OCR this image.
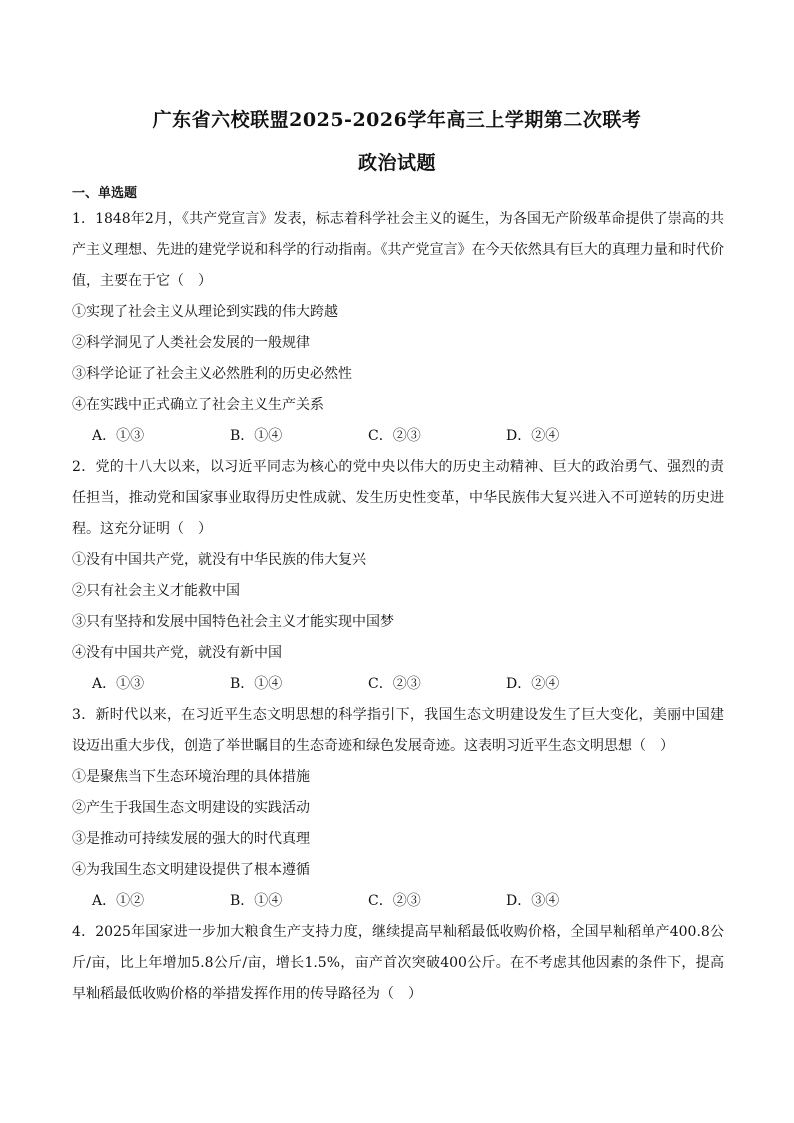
广东省六校联盟2025-2026学年高三上学期第二次联考
政治试题
一、单选题
1．1848年2月，《共产党宣言》发表，标志着科学社会主义的诞生，为各国无产阶级革命提供了崇高的共产主义理想、先进的建党学说和科学的行动指南。《共产党宣言》在今天依然具有巨大的真理力量和时代价值，主要在于它（　）
①实现了社会主义从理论到实践的伟大跨越
②科学洞见了人类社会发展的一般规律
③科学论证了社会主义必然胜利的历史必然性
④在实践中正式确立了社会主义生产关系
A．①③	B．①④	C．②③	D．②④
2．党的十八大以来，以习近平同志为核心的党中央以伟大的历史主动精神、巨大的政治勇气、强烈的责任担当，推动党和国家事业取得历史性成就、发生历史性变革，中华民族伟大复兴进入不可逆转的历史进程。这充分证明（　）
①没有中国共产党，就没有中华民族的伟大复兴
②只有社会主义才能救中国
③只有坚持和发展中国特色社会主义才能实现中国梦
④没有中国共产党，就没有新中国
A．①③	B．①④	C．②③	D．②④
3．新时代以来，在习近平生态文明思想的科学指引下，我国生态文明建设发生了巨大变化，美丽中国建设迈出重大步伐，创造了举世瞩目的生态奇迹和绿色发展奇迹。这表明习近平生态文明思想（　）
①是聚焦当下生态环境治理的具体措施
②产生于我国生态文明建设的实践活动
③是推动可持续发展的强大的时代真理
④为我国生态文明建设提供了根本遵循
A．①②	B．①④	C．②③	D．③④
4．2025年国家进一步加大粮食生产支持力度，继续提高早籼稻最低收购价格，全国早籼稻单产400.8公斤/亩，比上年增加5.8公斤/亩，增长1.5%，亩产首次突破400公斤。在不考虑其他因素的条件下，提高早籼稻最低收购价格的举措发挥作用的传导路径为（　）
